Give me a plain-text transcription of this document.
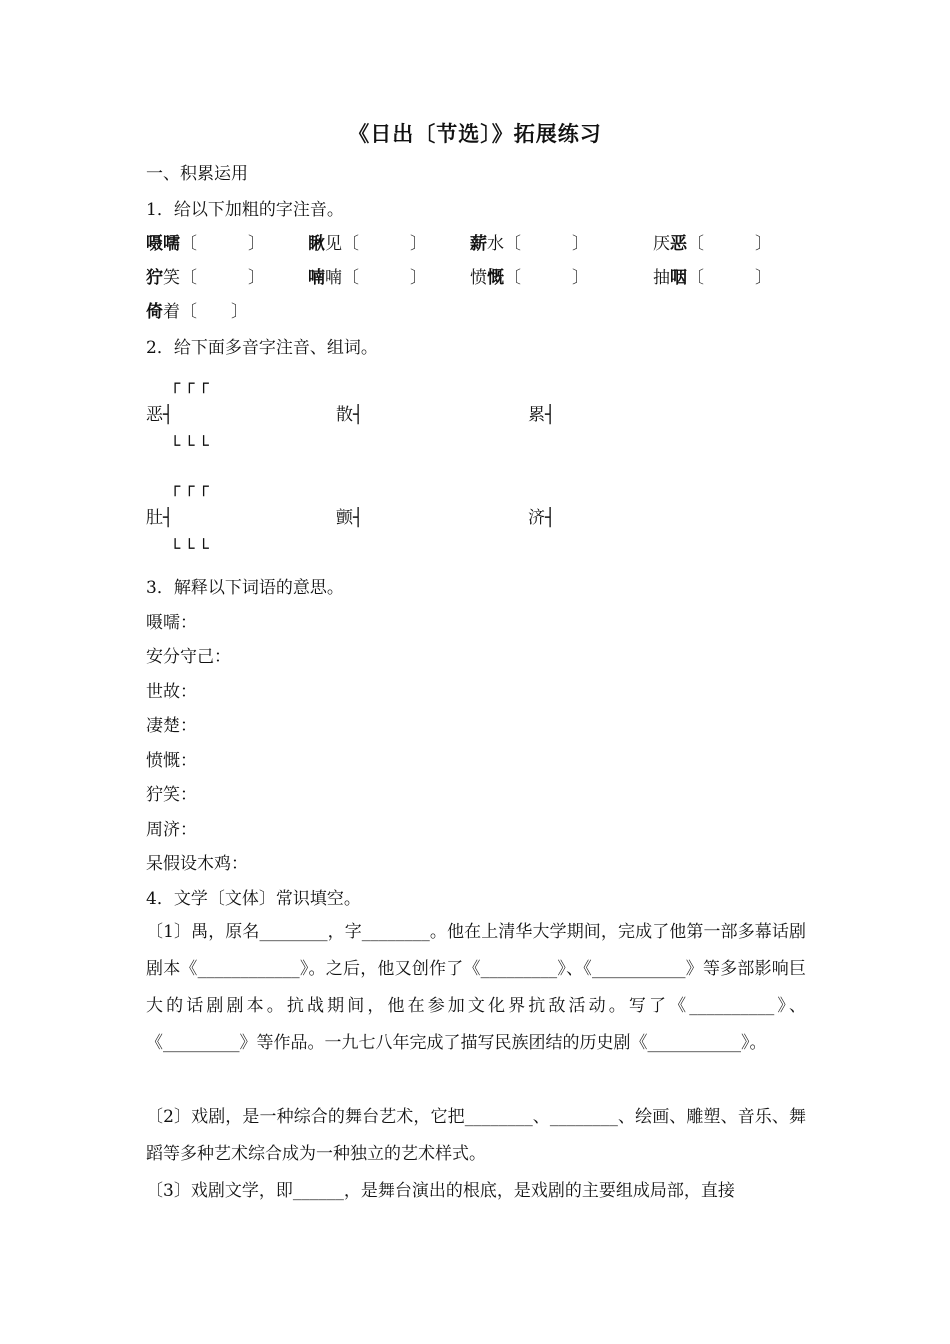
《日出〔节选〕》拓展练习
一、积累运用
1．给以下加粗的字注音。
嗫嚅〔　　　〕	瞅见〔　　　〕	薪水〔　　　〕	厌恶〔　　　〕
狞笑〔　　　〕	喃喃〔　　　〕	愤慨〔　　　〕	抽咽〔　　　〕
倚着〔　　〕
2．给下面多音字注音、组词。
┌┌┌
恶┤	散┤	累┤
└└└
┌┌┌
肚┤	颤┤	济┤
└└└
3．解释以下词语的意思。
嗫嚅：
安分守己：
世故：
凄楚：
愤慨：
狞笑：
周济：
呆假设木鸡：
4．文学〔文体〕常识填空。
〔1〕禺，原名________，字________。他在上清华大学期间，完成了他第一部多幕话剧剧本《____________》。之后，他又创作了《_________》、《___________》等多部影响巨大的话剧剧本。抗战期间，他在参加文化界抗敌活动。写了《__________》、《_________》等作品。一九七八年完成了描写民族团结的历史剧《___________》。
〔2〕戏剧，是一种综合的舞台艺术，它把________、________、绘画、雕塑、音乐、舞蹈等多种艺术综合成为一种独立的艺术样式。
〔3〕戏剧文学，即______，是舞台演出的根底，是戏剧的主要组成局部，直接
